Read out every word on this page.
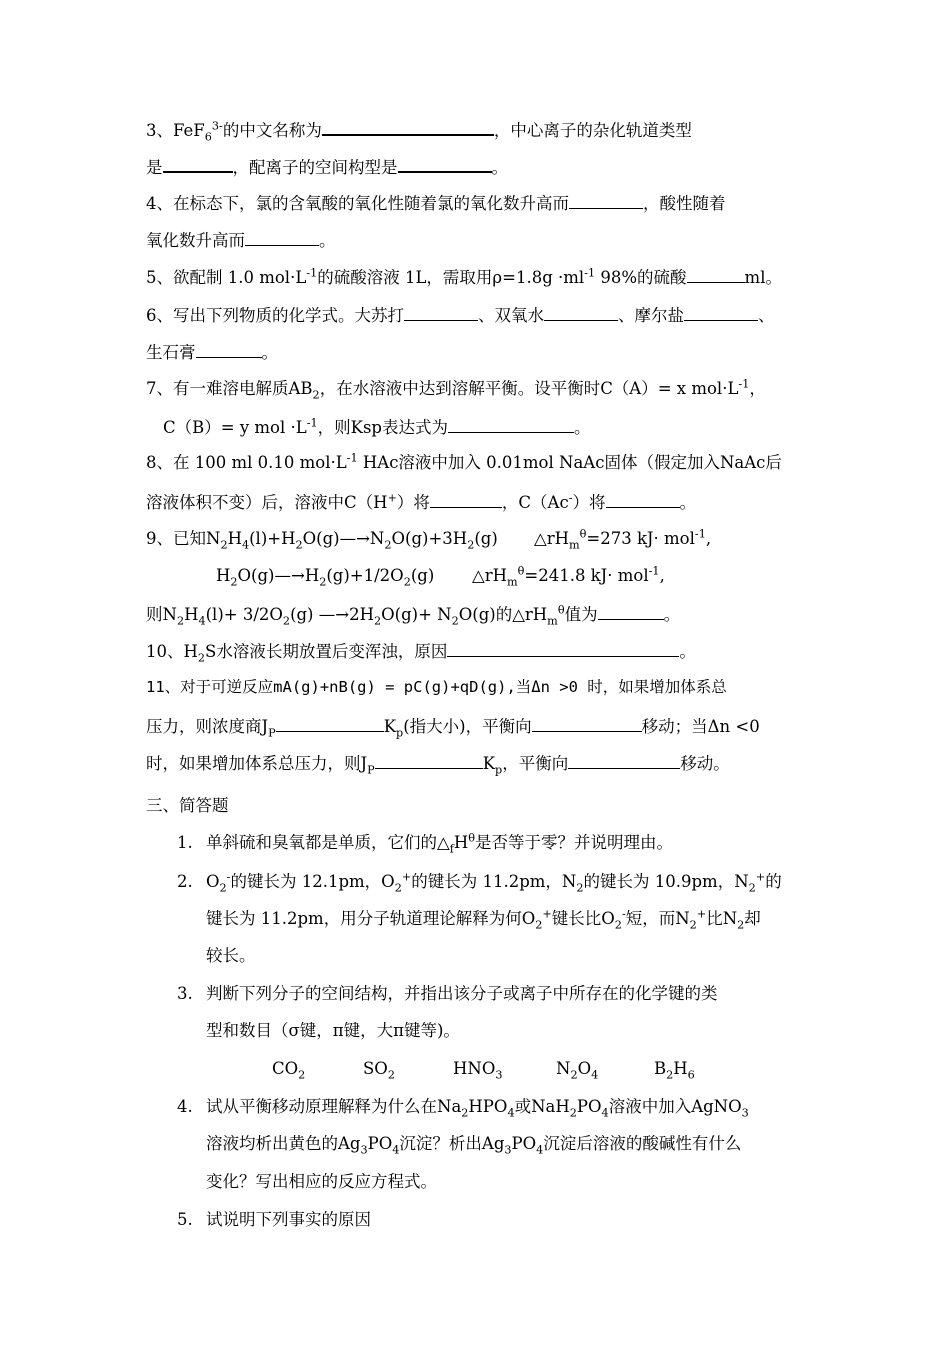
3、FeF$_6^{3-}$的中文名称为	，中心离子的杂化轨道类型
是	，配离子的空间构型是	。
4、在标态下，氯的含氧酸的氧化性随着氯的氧化数升高而	，酸性随着
氧化数升高而	。
5、欲配制 1.0 $mol\cdot L^{-1}$的硫酸溶液 1L，需取用$\rho=1.8g \cdot ml^{-1}$ 98%的硫酸	ml。
6、写出下列物质的化学式。大苏打	、双氧水	、摩尔盐	、
生石膏	。
7、有一难溶电解质$AB_2$，在水溶液中达到溶解平衡。设平衡时C（A）= x $mol\cdot L^{-1}$，
C（B）= y mol $\cdot L^{-1}$，则Ksp表达式为	。
8、在 100 ml 0.10 $mol\cdot L^{-1}$ HAc溶液中加入 0.01mol NaAc固体（假定加入NaAc后
溶液体积不变）后，溶液中C（H+）将	，C（Ac-）将	。
9、已知$N_2H_4(l)+H_2O(g)—\to N_2O(g)+3H_2(g)$ $\triangle rH_m^\theta=273$ kJ· mol$^{-1}$,
$H_2O(g)—\to H_2(g)+1/2O_2(g)$ $\triangle rH_m^\theta=241.8$ kJ· mol$^{-1}$,
则$N_2H_4(l)+ 3/2O_2(g)$ $—\to 2H_2O(g)+ N_2O(g)$的$\triangle rH_m^\theta$值为	。
10、$H_2S$水溶液长期放置后变浑浊，原因	。
11、对于可逆反应mA(g)+nB(g) = pC(g)+qD(g),当Δn >0 时，如果增加体系总
压力，则浓度商$J_P$	$K_p$(指大小)，平衡向	移动；当Δn <0
时，如果增加体系总压力，则$J_P$	$K_p$，平衡向	移动。
三、简答题
1. 单斜硫和臭氧都是单质，它们的$\triangle_fH^\theta$是否等于零？并说明理由。
2. $O_2^-$的键长为 12.1pm，$O_2^+$的键长为 11.2pm，$N_2$的键长为 10.9pm，$N_2^+$的
键长为 11.2pm，用分子轨道理论解释为何$O_2^+$键长比$O_2^-$短，而$N_2^+$比$N_2$却
较长。
3. 判断下列分子的空间结构，并指出该分子或离子中所存在的化学键的类
型和数目（σ键，π键，大π键等)。
$CO_2$	$SO_2$	$HNO_3$	$N_2O_4$	$B_2H_6$
4. 试从平衡移动原理解释为什么在$Na_2HPO_4$或$NaH_2PO_4$溶液中加入AgNO$_3$
溶液均析出黄色的$Ag_3PO_4$沉淀？析出$Ag_3PO_4$沉淀后溶液的酸碱性有什么
变化？写出相应的反应方程式。
5. 试说明下列事实的原因
